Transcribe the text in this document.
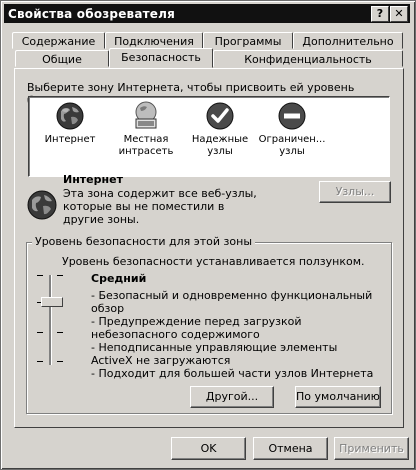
Свойства обозревателя	?	✕
Содержание	Подключения	Программы	Дополнительно
Общие	Безопасность	Конфиденциальность
Выберите зону Интернета, чтобы присвоить ей уровень
Интернет	Местная интрасеть
Надежные узлы
Ограничен... узлы
Интернет
Эта зона содержит все веб-узлы, которые вы не поместили в другие зоны.
Узлы...
Уровень безопасности для этой зоны
Уровень безопасности устанавливается ползунком.
Средний
- Безопасный и одновременно функциональный обзор
- Предупреждение перед загрузкой небезопасного содержимого
- Неподписанные управляющие элементы ActiveX не загружаются
- Подходит для большей части узлов Интернета
Другой...	По умолчанию
OK	Отмена	Применить
